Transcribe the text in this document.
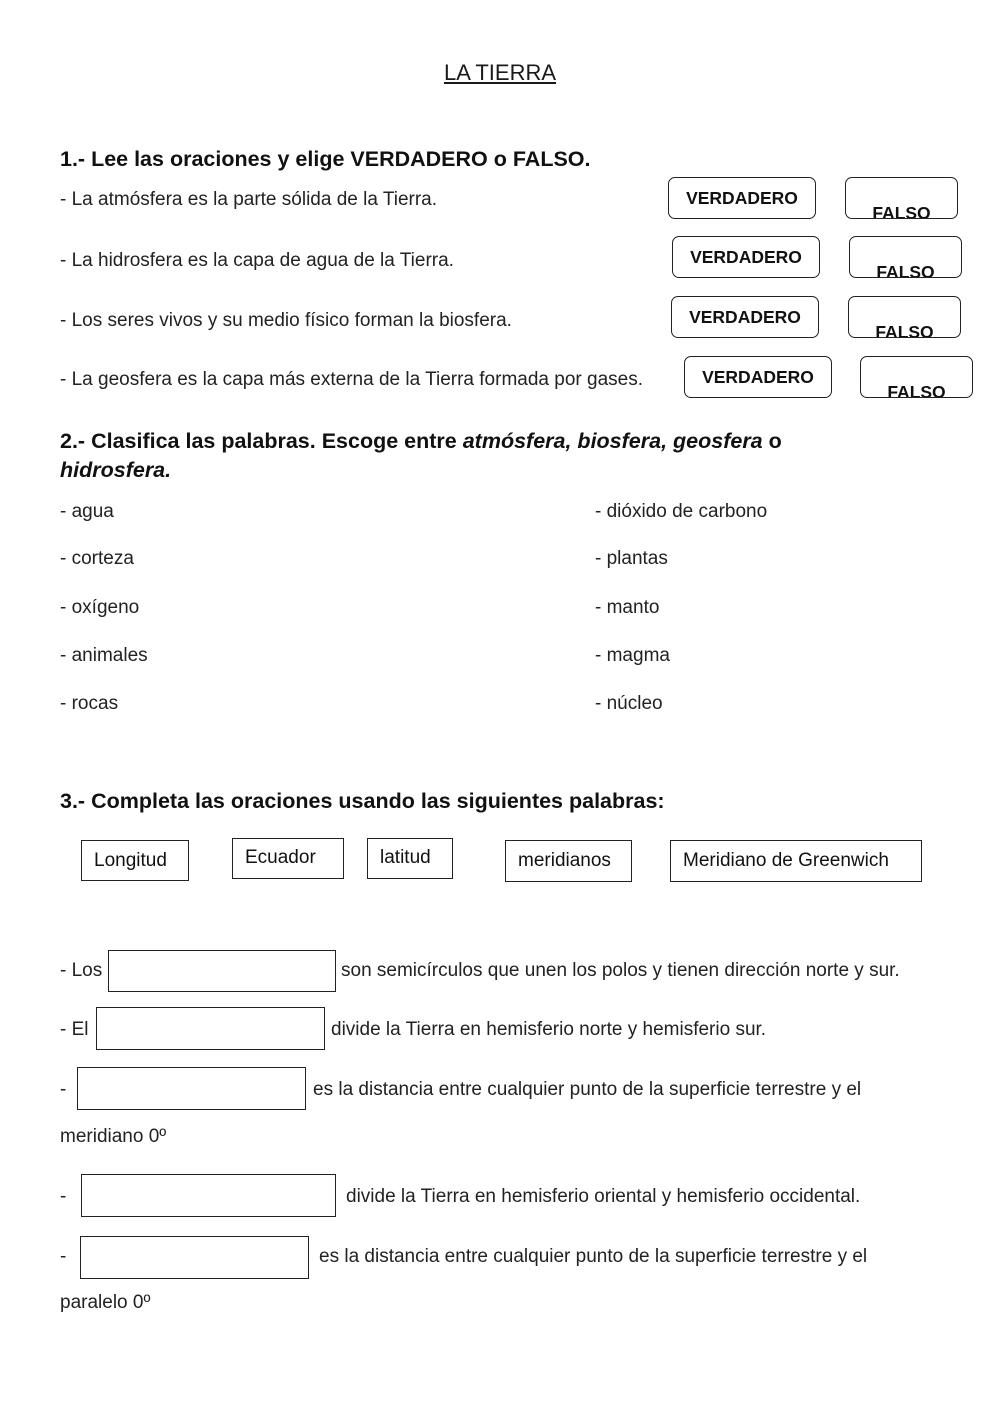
LA TIERRA
1.- Lee las oraciones y elige VERDADERO o FALSO.
- La atmósfera es la parte sólida de la Tierra.	VERDADERO
FALSO
- La hidrosfera es la capa de agua de la Tierra.	VERDADERO
FALSO
- Los seres vivos y su medio físico forman la biosfera.	VERDADERO
FALSO
- La geosfera es la capa más externa de la Tierra formada por gases.	VERDADERO
FALSO
2.- Clasifica las palabras. Escoge entre atmósfera, biosfera, geosfera o
hidrosfera.
- agua
- corteza
- oxígeno
- animales
- rocas
- dióxido de carbono
- plantas
- manto
- magma
- núcleo
3.- Completa las oraciones usando las siguientes palabras:
Longitud	Ecuador	latitud	meridianos	Meridiano de Greenwich
- Los	son semicírculos que unen los polos y tienen dirección norte y sur.
- El	divide la Tierra en hemisferio norte y hemisferio sur.
-	es la distancia entre cualquier punto de la superficie terrestre y el
meridiano 0º
-	divide la Tierra en hemisferio oriental y hemisferio occidental.
-	es la distancia entre cualquier punto de la superficie terrestre y el
paralelo 0º
